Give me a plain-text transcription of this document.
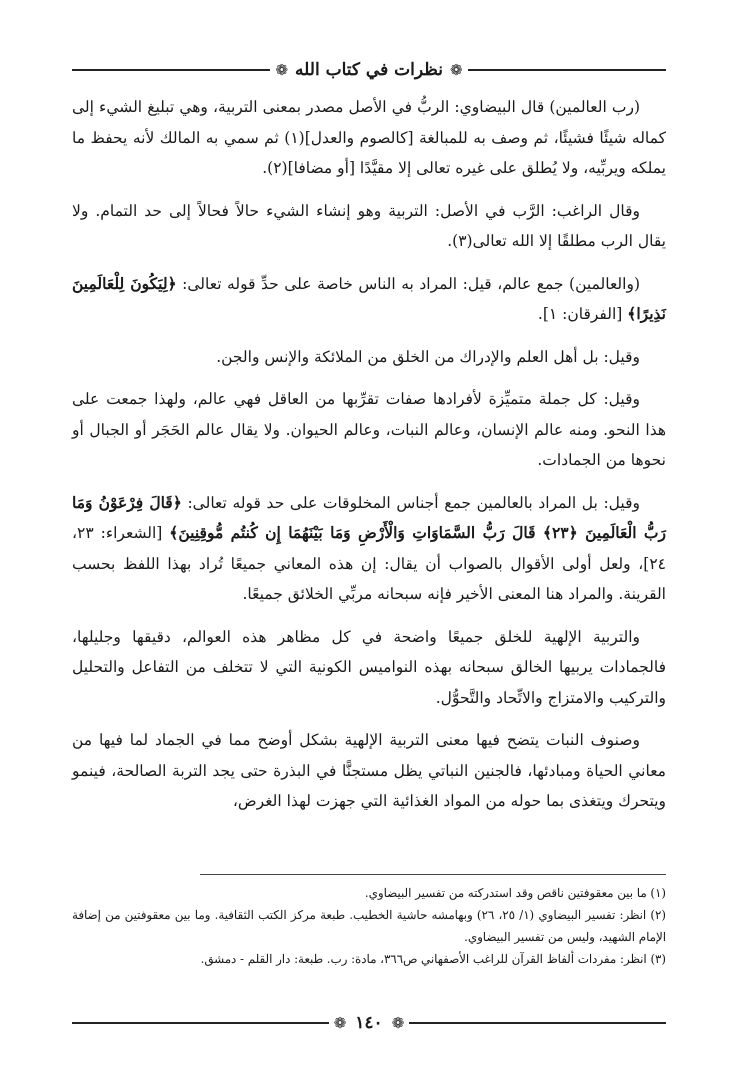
❁
نظرات في كتاب الله
❁

(رب العالمين) قال البيضاوي: الربُّ في الأصل مصدر بمعنى التربية، وهي تبليغ الشيء إلى كماله شيئًا فشيئًا، ثم وصف به للمبالغة [كالصوم والعدل](١) ثم سمي به المالك لأنه يحفظ ما يملكه ويربِّيه، ولا يُطلق على غيره تعالى إلا مقيَّدًا [أو مضافا](٢).

وقال الراغب: الرَّب في الأصل: التربية وهو إنشاء الشيء حالاً فحالاً إلى حد التمام. ولا يقال الرب مطلقًا إلا الله تعالى(٣).

(والعالمين) جمع عالم، قيل: المراد به الناس خاصة على حدِّ قوله تعالى: ﴿لِيَكُونَ لِلْعَالَمِينَ نَذِيرًا﴾ [الفرقان: ١].

وقيل: بل أهل العلم والإدراك من الخلق من الملائكة والإنس والجن.

وقيل: كل جملة متميِّزة لأفرادها صفات تقرِّبها من العاقل فهي عالم، ولهذا جمعت على هذا النحو. ومنه عالم الإنسان، وعالم النبات، وعالم الحيوان. ولا يقال عالم الحَجَر أو الجبال أو نحوها من الجمادات.

وقيل: بل المراد بالعالمين جمع أجناس المخلوقات على حد قوله تعالى: ﴿قَالَ فِرْعَوْنُ وَمَا رَبُّ الْعَالَمِينَ ﴿٢٣﴾ قَالَ رَبُّ السَّمَاوَاتِ وَالْأَرْضِ وَمَا بَيْنَهُمَا إِن كُنتُم مُّوقِنِينَ﴾ [الشعراء: ٢٣، ٢٤]، ولعل أولى الأقوال بالصواب أن يقال: إن هذه المعاني جميعًا تُراد بهذا اللفظ بحسب القرينة. والمراد هنا المعنى الأخير فإنه سبحانه مربِّي الخلائق جميعًا.

والتربية الإلهية للخلق جميعًا واضحة في كل مظاهر هذه العوالم، دقيقها وجليلها، فالجمادات يربيها الخالق سبحانه بهذه النواميس الكونية التي لا تتخلف من التفاعل والتحليل والتركيب والامتزاج والاتِّحاد والتَّحوُّل.

وصنوف النبات يتضح فيها معنى التربية الإلهية بشكل أوضح مما في الجماد لما فيها من معاني الحياة ومبادئها، فالجنين النباتي يظل مستجنًّا في البذرة حتى يجد التربة الصالحة، فينمو ويتحرك ويتغذى بما حوله من المواد الغذائية التي جهزت لهذا الغرض،

(١) ما بين معقوفتين ناقص وقد استدركته من تفسير البيضاوي.

(٢) انظر: تفسير البيضاوي (١/ ٢٥، ٢٦) وبهامشه حاشية الخطيب. طبعة مركز الكتب الثقافية. وما بين معقوفتين من إضافة الإمام الشهيد، وليس من تفسير البيضاوي.

(٣) انظر: مفردات ألفاظ القرآن للراغب الأصفهاني ص٣٦٦، مادة: رب. طبعة: دار القلم - دمشق.

❁ ١٤٠ ❁
